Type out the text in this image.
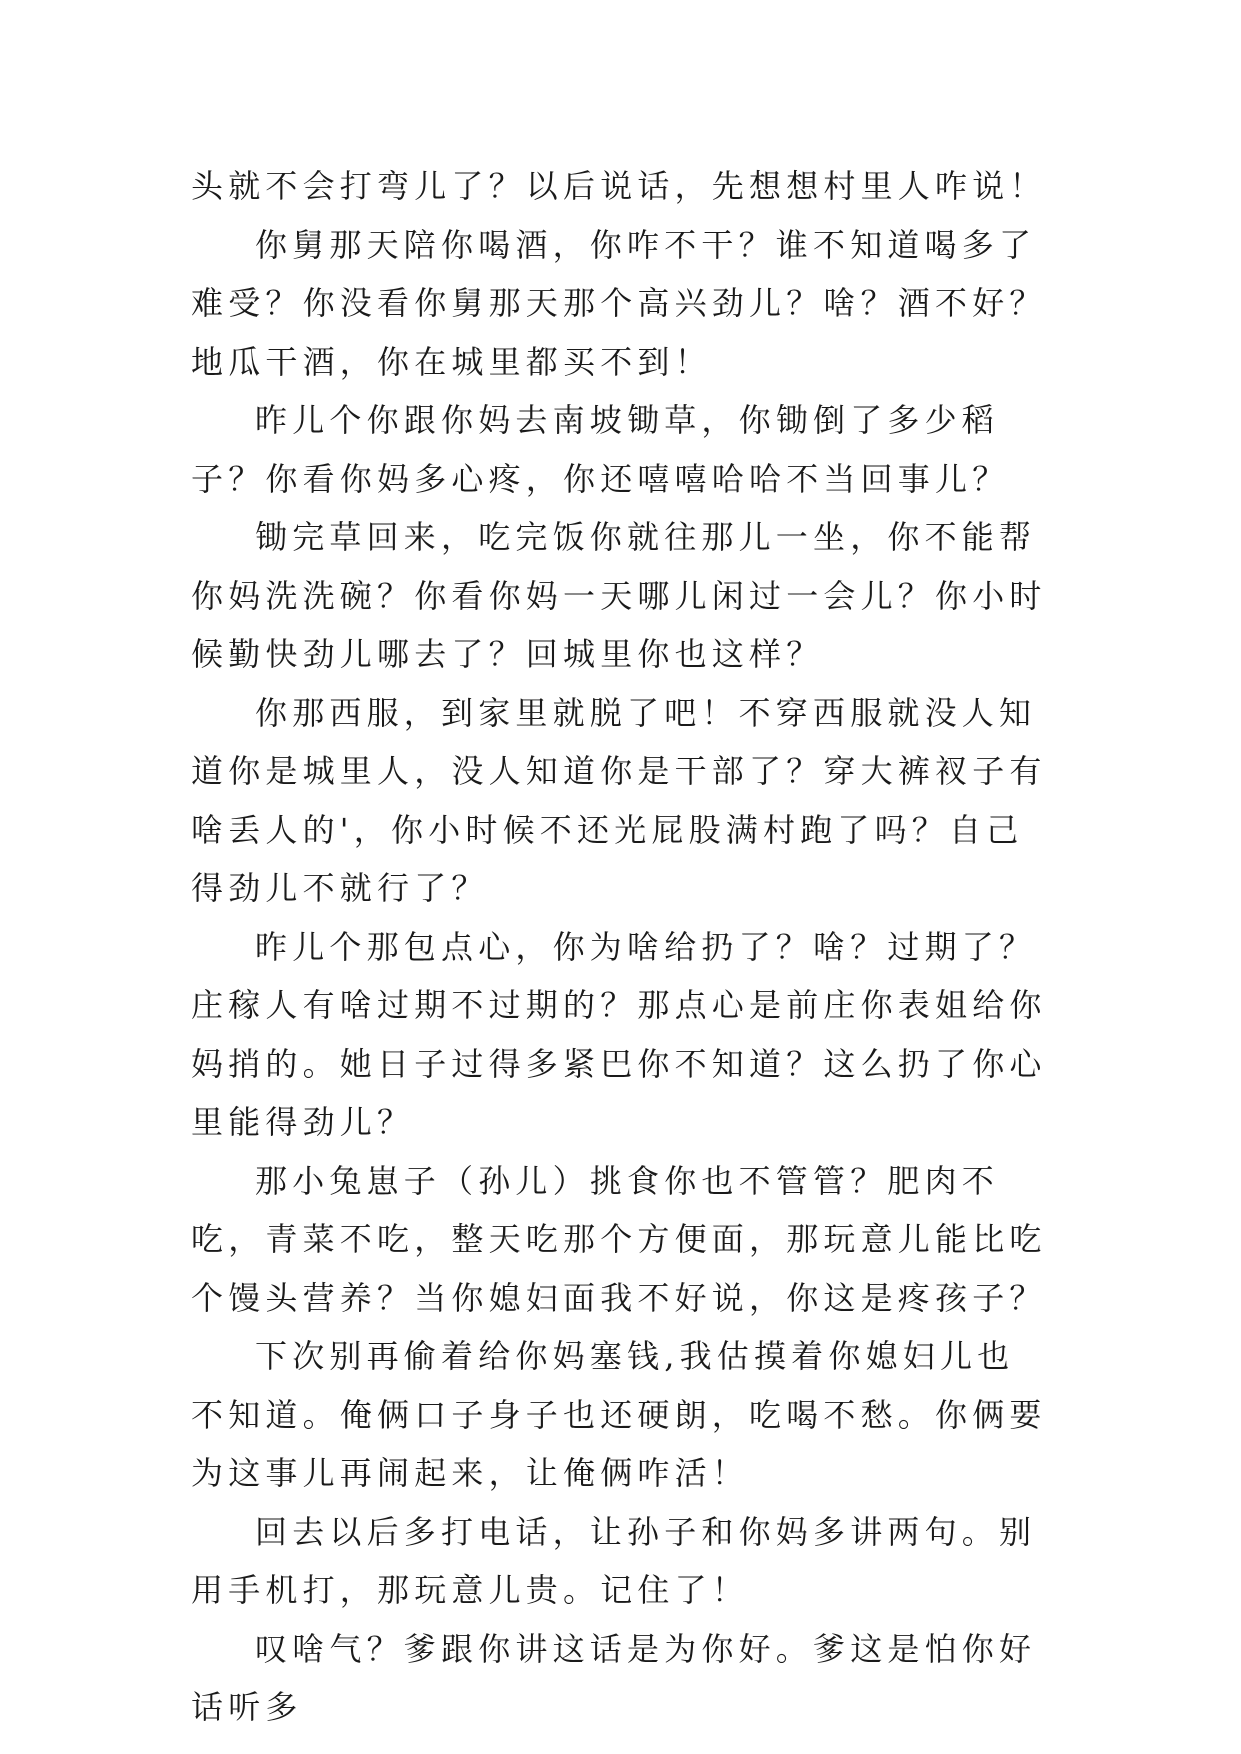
头就不会打弯儿了？以后说话，先想想村里人咋说！

你舅那天陪你喝酒，你咋不干？谁不知道喝多了难受？你没看你舅那天那个高兴劲儿？啥？酒不好？地瓜干酒，你在城里都买不到！

昨儿个你跟你妈去南坡锄草，你锄倒了多少稻子？你看你妈多心疼，你还嘻嘻哈哈不当回事儿？

锄完草回来，吃完饭你就往那儿一坐，你不能帮你妈洗洗碗？你看你妈一天哪儿闲过一会儿？你小时候勤快劲儿哪去了？回城里你也这样？

你那西服，到家里就脱了吧！不穿西服就没人知道你是城里人，没人知道你是干部了？穿大裤衩子有啥丢人的'，你小时候不还光屁股满村跑了吗？自己得劲儿不就行了？

昨儿个那包点心，你为啥给扔了？啥？过期了？庄稼人有啥过期不过期的？那点心是前庄你表姐给你妈捎的。她日子过得多紧巴你不知道？这么扔了你心里能得劲儿？

那小兔崽子（孙儿）挑食你也不管管？肥肉不吃，青菜不吃，整天吃那个方便面，那玩意儿能比吃个馒头营养？当你媳妇面我不好说，你这是疼孩子？

下次别再偷着给你妈塞钱,我估摸着你媳妇儿也不知道。俺俩口子身子也还硬朗，吃喝不愁。你俩要为这事儿再闹起来，让俺俩咋活！

回去以后多打电话，让孙子和你妈多讲两句。别用手机打，那玩意儿贵。记住了！

叹啥气？爹跟你讲这话是为你好。爹这是怕你好话听多
